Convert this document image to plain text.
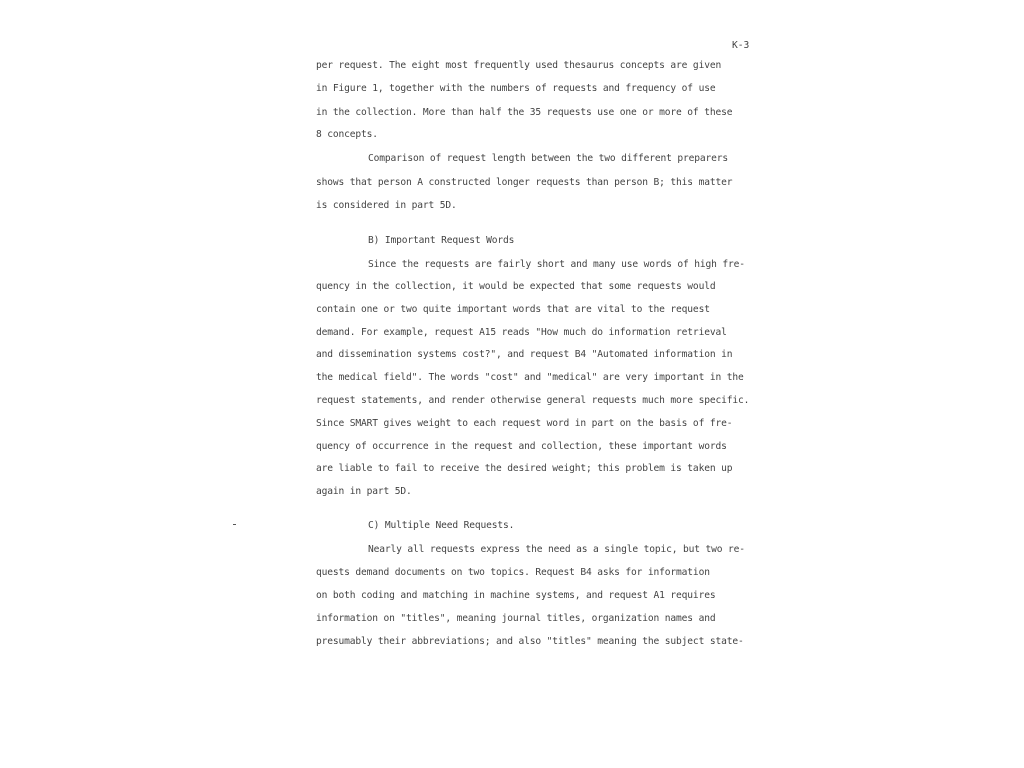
K-3
per request. The eight most frequently used thesaurus concepts are given
in Figure 1, together with the numbers of requests and frequency of use
in the collection. More than half the 35 requests use one or more of these
8 concepts.
Comparison of request length between the two different preparers
shows that person A constructed longer requests than person B; this matter
is considered in part 5D.
B) Important Request Words
Since the requests are fairly short and many use words of high fre-
quency in the collection, it would be expected that some requests would
contain one or two quite important words that are vital to the request
demand. For example, request A15 reads "How much do information retrieval
and dissemination systems cost?", and request B4 "Automated information in
the medical field". The words "cost" and "medical" are very important in the
request statements, and render otherwise general requests much more specific.
Since SMART gives weight to each request word in part on the basis of fre-
quency of occurrence in the request and collection, these important words
are liable to fail to receive the desired weight; this problem is taken up
again in part 5D.
C) Multiple Need Requests.
Nearly all requests express the need as a single topic, but two re-
quests demand documents on two topics. Request B4 asks for information
on both coding and matching in machine systems, and request A1 requires
information on "titles", meaning journal titles, organization names and
presumably their abbreviations; and also "titles" meaning the subject state-
